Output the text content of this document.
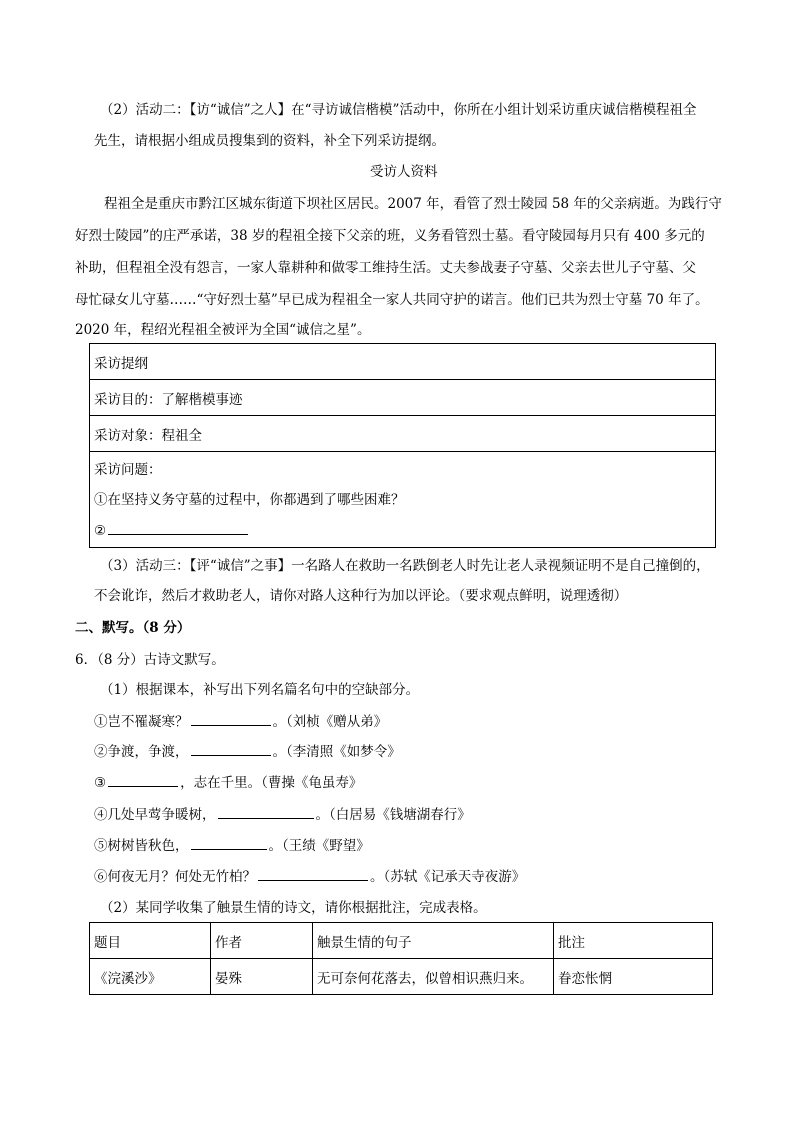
（2）活动二：【访“诚信”之人】在“寻访诚信楷模”活动中，你所在小组计划采访重庆诚信楷模程祖全
先生，请根据小组成员搜集到的资料，补全下列采访提纲。
受访人资料
程祖全是重庆市黔江区城东街道下坝社区居民。2007 年，看管了烈士陵园 58 年的父亲病逝。为践行守
好烈士陵园”的庄严承诺，38 岁的程祖全接下父亲的班，义务看管烈士墓。看守陵园每月只有 400 多元的
补助，但程祖全没有怨言，一家人靠耕种和做零工维持生活。丈夫参战妻子守墓、父亲去世儿子守墓、父
母忙碌女儿守墓……“守好烈士墓”早已成为程祖全一家人共同守护的诺言。他们已共为烈士守墓 70 年了。
2020 年，程绍光程祖全被评为全国“诚信之星”。
采访提纲
采访目的：了解楷模事迹
采访对象：程祖全

采访问题：
①在坚持义务守墓的过程中，你都遇到了哪些困难？
②
（3）活动三：【评“诚信”之事】一名路人在救助一名跌倒老人时先让老人录视频证明不是自己撞倒的，
不会讹诈，然后才救助老人，请你对路人这种行为加以评论。（要求观点鲜明，说理透彻）
二、默写。（8 分）
6．（8 分）古诗文默写。
（1）根据课本，补写出下列名篇名句中的空缺部分。
①岂不罹凝寒？	。（刘桢《赠从弟》
②争渡，争渡，	。（李清照《如梦令》
③	，志在千里。（曹操《龟虽寿》
④几处早莺争暖树，	。（白居易《钱塘湖春行》
⑤树树皆秋色，	。（王绩《野望》
⑥何夜无月？何处无竹柏？	。（苏轼《记承天寺夜游》
（2）某同学收集了触景生情的诗文，请你根据批注，完成表格。
题目	作者	触景生情的句子	批注
《浣溪沙》	晏殊	无可奈何花落去，似曾相识燕归来。	眷恋怅惘
